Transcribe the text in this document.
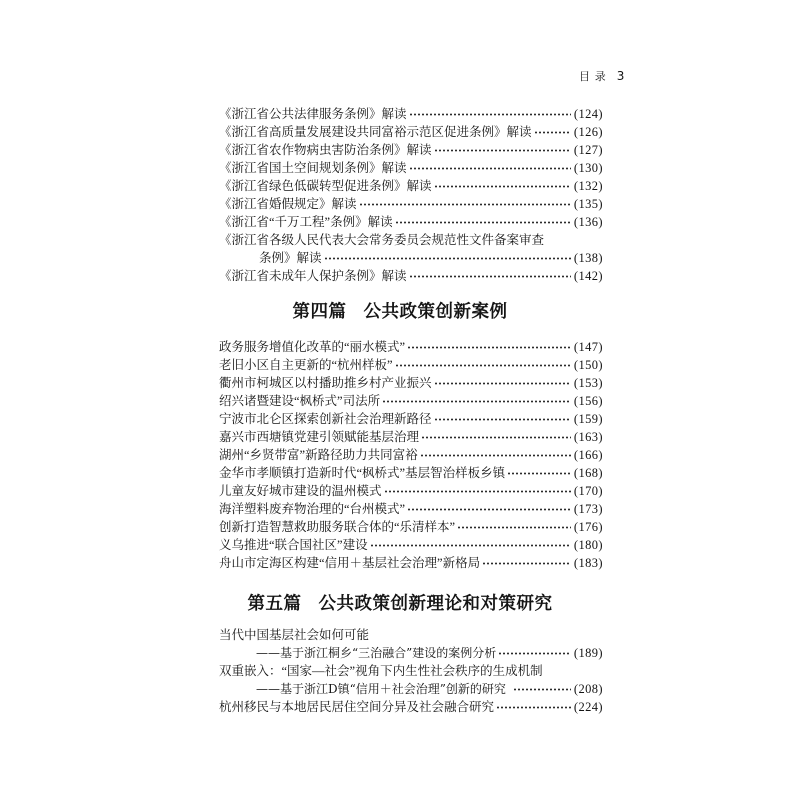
目 录 3
《浙江省公共法律服务条例》解读	(124)
《浙江省高质量发展建设共同富裕示范区促进条例》解读	(126)
《浙江省农作物病虫害防治条例》解读	(127)
《浙江省国土空间规划条例》解读	(130)
《浙江省绿色低碳转型促进条例》解读	(132)
《浙江省婚假规定》解读	(135)
《浙江省“千万工程”条例》解读	(136)
《浙江省各级人民代表大会常务委员会规范性文件备案审查
条例》解读	(138)
《浙江省未成年人保护条例》解读	(142)
第四篇 公共政策创新案例
政务服务增值化改革的“丽水模式”	(147)
老旧小区自主更新的“杭州样板”	(150)
衢州市柯城区以村播助推乡村产业振兴	(153)
绍兴诸暨建设“枫桥式”司法所	(156)
宁波市北仑区探索创新社会治理新路径	(159)
嘉兴市西塘镇党建引领赋能基层治理	(163)
湖州“乡贤带富”新路径助力共同富裕	(166)
金华市孝顺镇打造新时代“枫桥式”基层智治样板乡镇	(168)
儿童友好城市建设的温州模式	(170)
海洋塑料废弃物治理的“台州模式”	(173)
创新打造智慧救助服务联合体的“乐清样本”	(176)
义乌推进“联合国社区”建设	(180)
舟山市定海区构建“信用＋基层社会治理”新格局	(183)
第五篇 公共政策创新理论和对策研究
当代中国基层社会如何可能
——基于浙江桐乡“三治融合”建设的案例分析	(189)
双重嵌入：“国家—社会”视角下内生性社会秩序的生成机制
——基于浙江D镇“信用＋社会治理”创新的研究	(208)
杭州移民与本地居民居住空间分异及社会融合研究	(224)
